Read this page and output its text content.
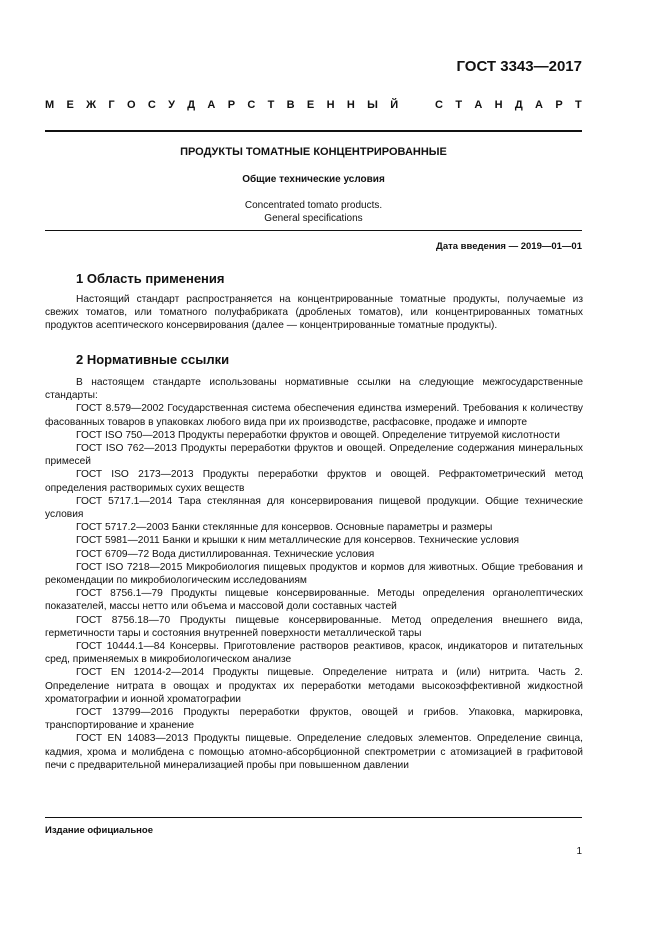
ГОСТ 3343—2017
М Е Ж Г О С У Д А Р С Т В Е Н Н Ы Й	С Т А Н Д А Р Т
ПРОДУКТЫ ТОМАТНЫЕ КОНЦЕНТРИРОВАННЫЕ
Общие технические условия
Concentrated tomato products.
General specifications
Дата введения — 2019—01—01
1 Область применения

Настоящий стандарт распространяется на концентрированные томатные продукты, получаемые из свежих томатов, или томатного полуфабриката (дробленых томатов), или концентрированных томатных продуктов асептического консервирования (далее — концентрированные томатные продукты).

2 Нормативные ссылки

В настоящем стандарте использованы нормативные ссылки на следующие межгосударственные стандарты:

ГОСТ 8.579—2002 Государственная система обеспечения единства измерений. Требования к количеству фасованных товаров в упаковках любого вида при их производстве, расфасовке, продаже и импорте

ГОСТ ISO 750—2013 Продукты переработки фруктов и овощей. Определение титруемой кислотности

ГОСТ ISO 762—2013 Продукты переработки фруктов и овощей. Определение содержания минеральных примесей

ГОСТ ISO 2173—2013 Продукты переработки фруктов и овощей. Рефрактометрический метод определения растворимых сухих веществ

ГОСТ 5717.1—2014 Тара стеклянная для консервирования пищевой продукции. Общие технические условия

ГОСТ 5717.2—2003 Банки стеклянные для консервов. Основные параметры и размеры

ГОСТ 5981—2011 Банки и крышки к ним металлические для консервов. Технические условия

ГОСТ 6709—72 Вода дистиллированная. Технические условия

ГОСТ ISO 7218—2015 Микробиология пищевых продуктов и кормов для животных. Общие требования и рекомендации по микробиологическим исследованиям

ГОСТ 8756.1—79 Продукты пищевые консервированные. Методы определения органолептических показателей, массы нетто или объема и массовой доли составных частей

ГОСТ 8756.18—70 Продукты пищевые консервированные. Метод определения внешнего вида, герметичности тары и состояния внутренней поверхности металлической тары

ГОСТ 10444.1—84 Консервы. Приготовление растворов реактивов, красок, индикаторов и питательных сред, применяемых в микробиологическом анализе

ГОСТ EN 12014-2—2014 Продукты пищевые. Определение нитрата и (или) нитрита. Часть 2. Определение нитрата в овощах и продуктах их переработки методами высокоэффективной жидкостной хроматографии и ионной хроматографии

ГОСТ 13799—2016 Продукты переработки фруктов, овощей и грибов. Упаковка, маркировка, транспортирование и хранение

ГОСТ EN 14083—2013 Продукты пищевые. Определение следовых элементов. Определение свинца, кадмия, хрома и молибдена с помощью атомно-абсорбционной спектрометрии с атомизацией в графитовой печи с предварительной минерализацией пробы при повышенном давлении

Издание официальное
1
